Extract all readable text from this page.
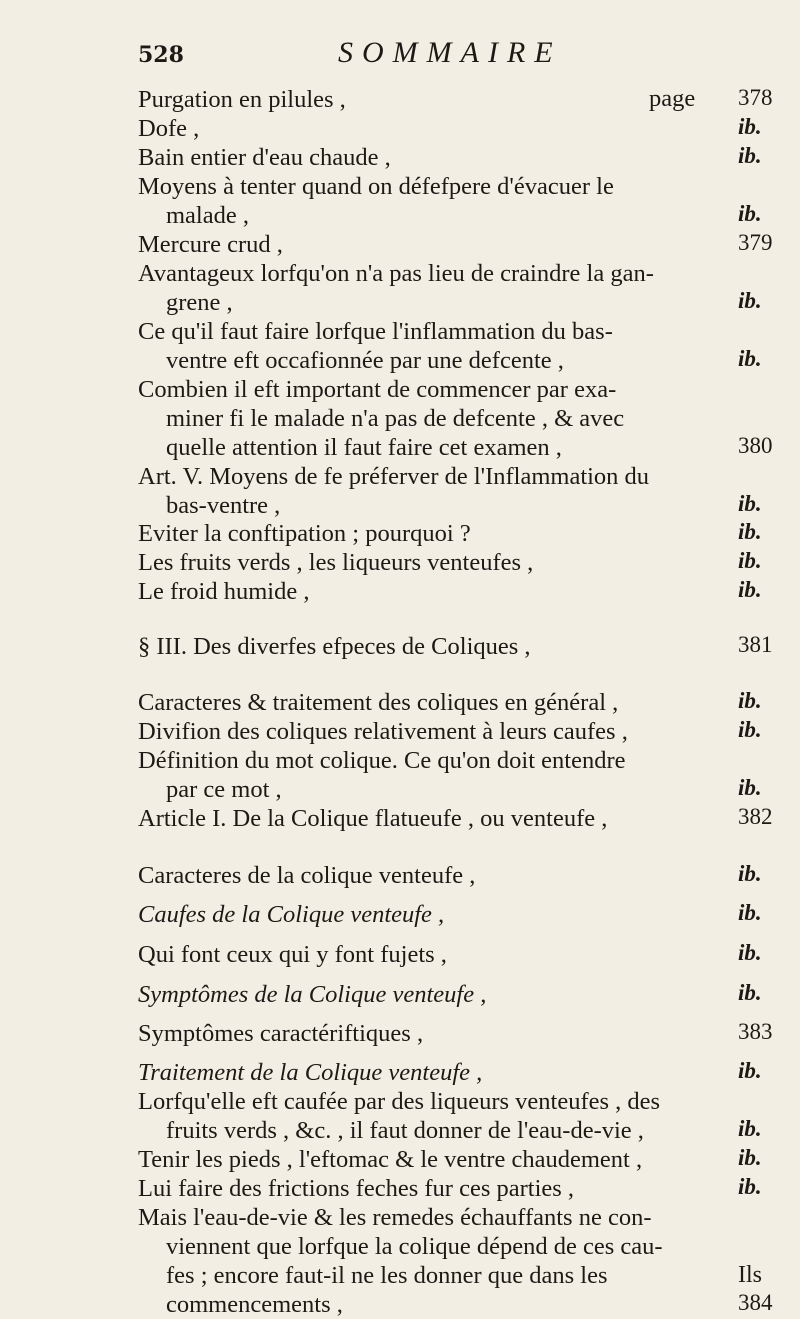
528	SOMMAIRE
Purgation en pilules ,
Dofe ,
Bain entier d'eau chaude ,
Moyens à tenter quand on défefpere d'évacuer le
malade ,
Mercure crud ,
Avantageux lorfqu'on n'a pas lieu de craindre la gan-
grene ,
Ce qu'il faut faire lorfque l'inflammation du bas-
ventre eft occafionnée par une defcente ,
Combien il eft important de commencer par exa-
miner fi le malade n'a pas de defcente , & avec
quelle attention il faut faire cet examen ,
Art. V. Moyens de fe préferver de l'Inflammation du
bas-ventre ,
Eviter la conftipation ; pourquoi ?
Les fruits verds , les liqueurs venteufes ,
Le froid humide ,
§ III. Des diverfes efpeces de Coliques ,
Caracteres & traitement des coliques en général ,
Divifion des coliques relativement à leurs caufes ,
Définition du mot colique. Ce qu'on doit entendre
par ce mot ,
Article I. De la Colique flatueufe , ou venteufe ,
Caracteres de la colique venteufe ,
Caufes de la Colique venteufe ,
Qui font ceux qui y font fujets ,
Symptômes de la Colique venteufe ,
Symptômes caractériftiques ,
Traitement de la Colique venteufe ,
Lorfqu'elle eft caufée par des liqueurs venteufes , des
fruits verds , &c. , il faut donner de l'eau-de-vie ,
Tenir les pieds , l'eftomac & le ventre chaudement ,
Lui faire des frictions feches fur ces parties ,
Mais l'eau-de-vie & les remedes échauffants ne con-
viennent que lorfque la colique dépend de ces cau-
fes ; encore faut-il ne les donner que dans les
commencements ,
Ils
page 378
ib.
ib.
ib.
379
ib.
ib.
380
ib.
ib.
ib.
ib.
381
ib.
ib.
ib.
382
ib.
ib.
ib.
ib.
383
ib.
ib.
ib.
ib.
384
